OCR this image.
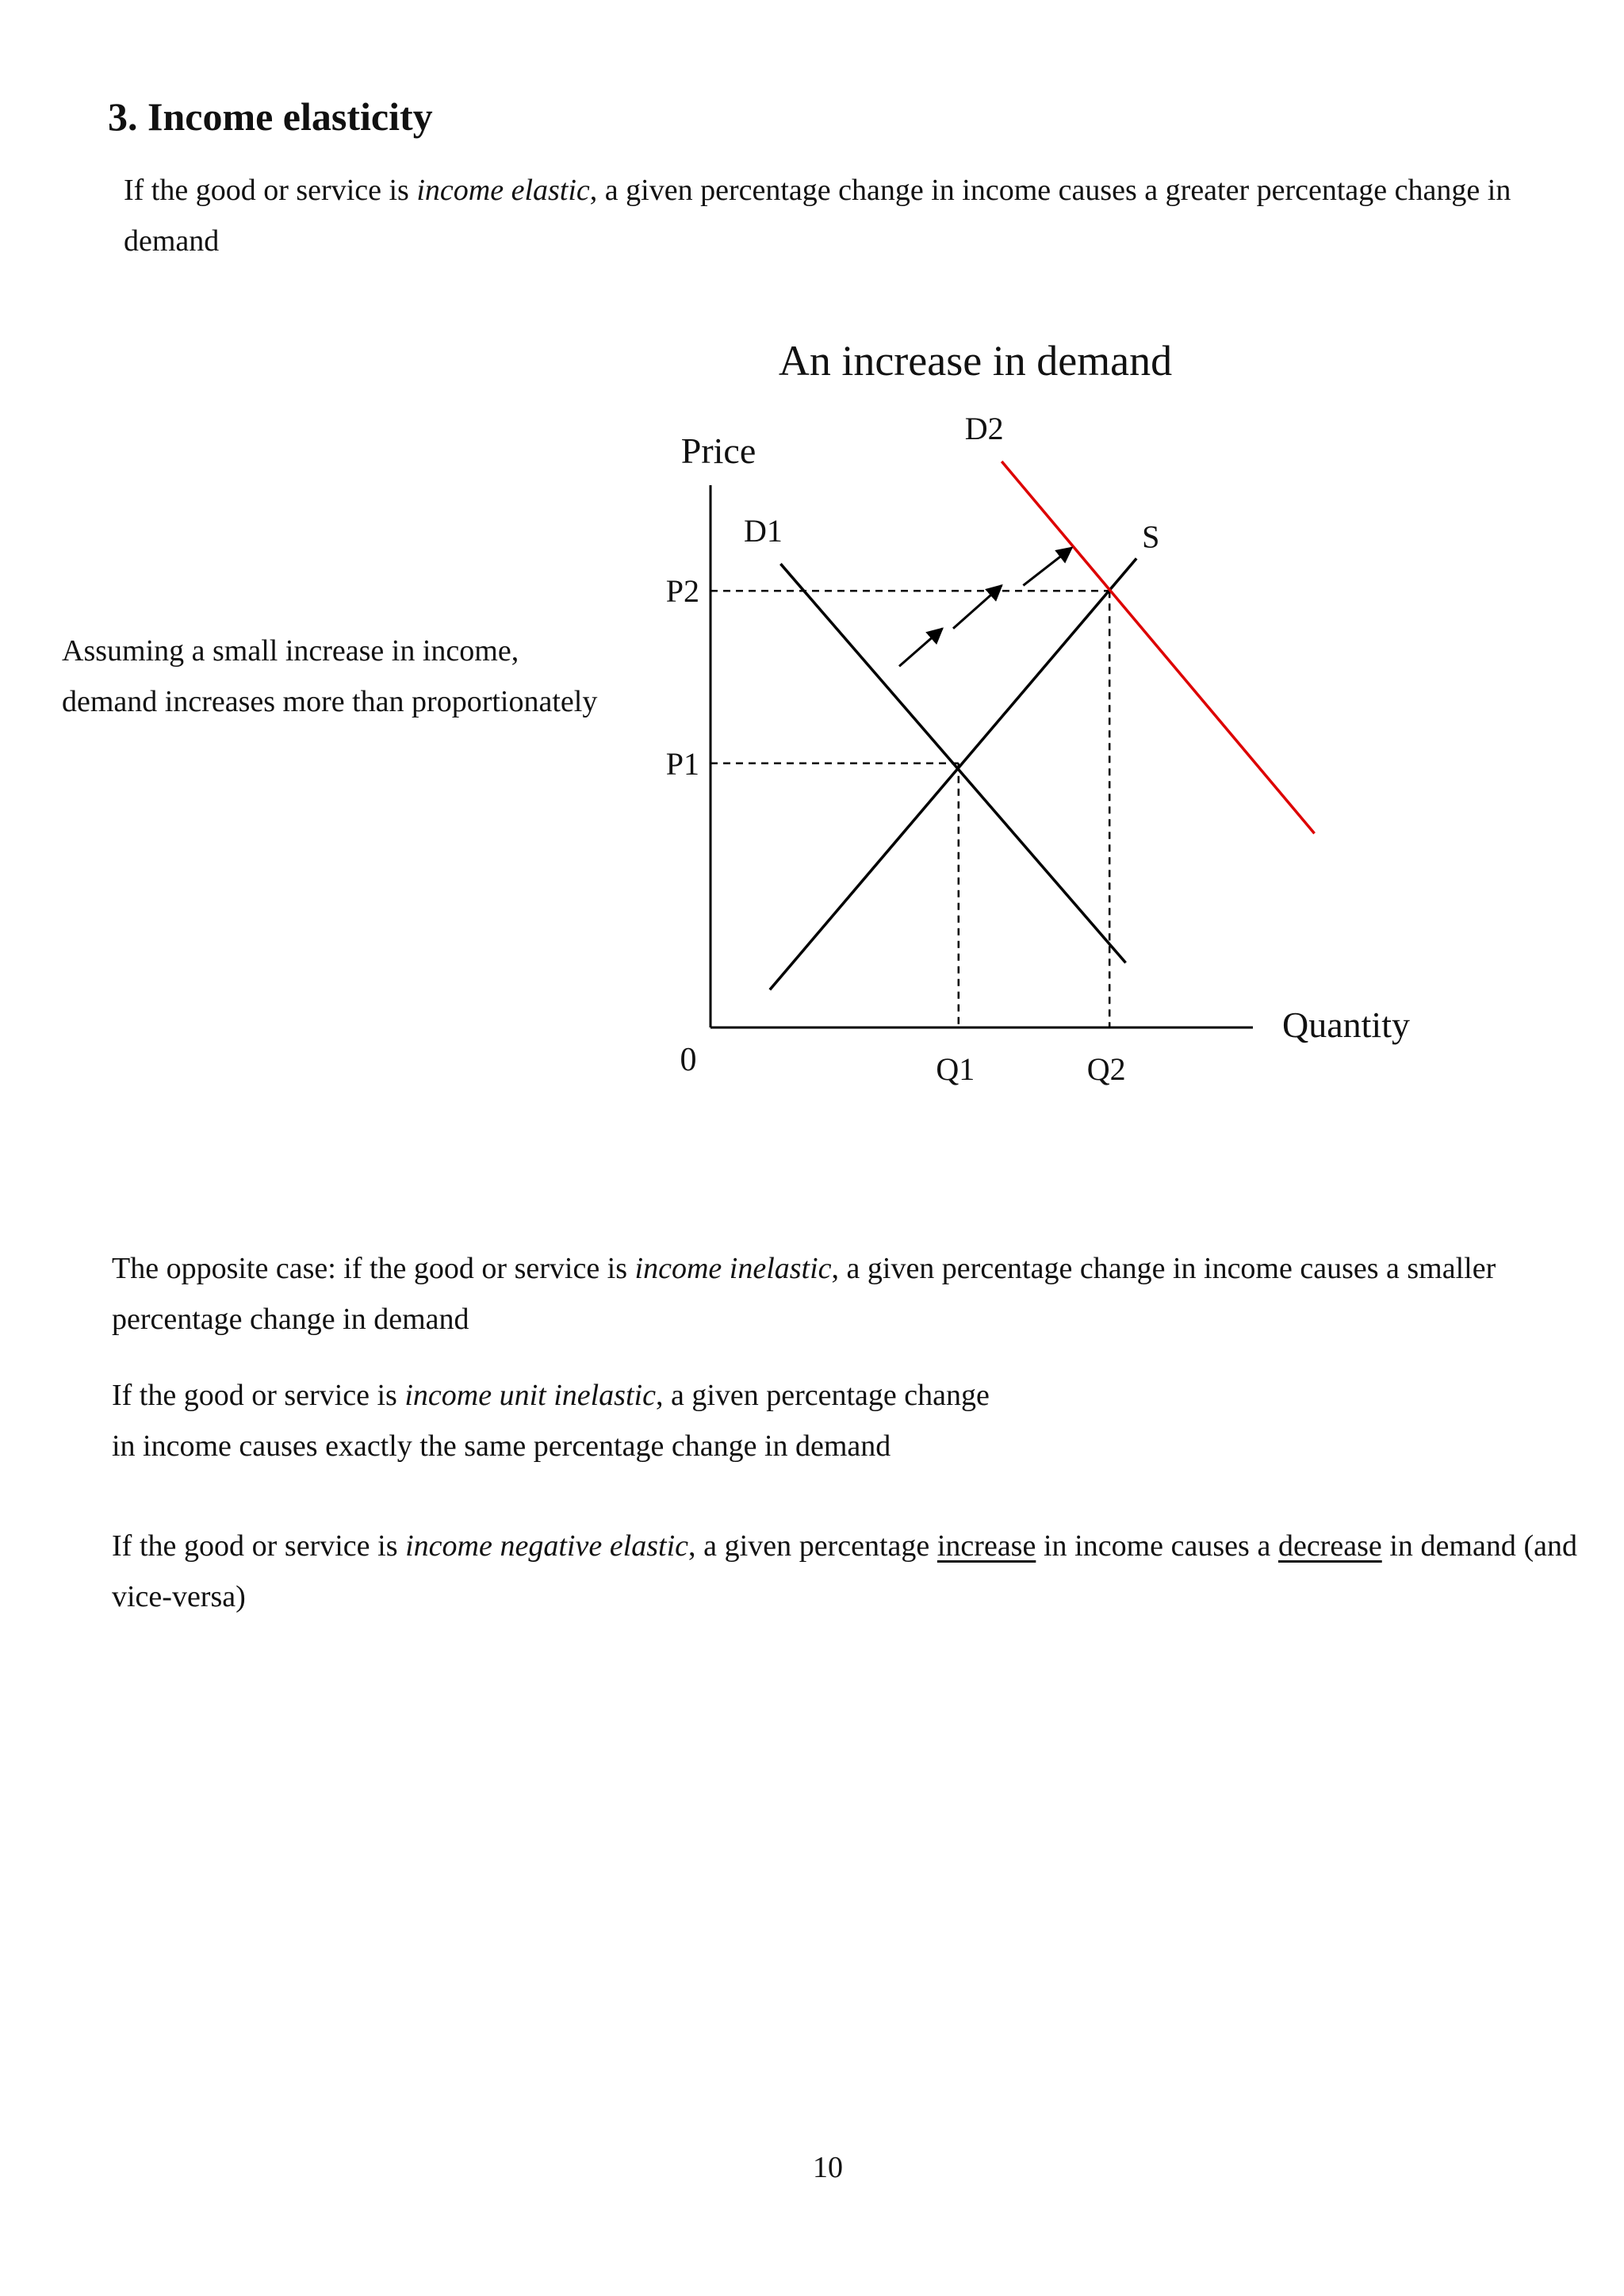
3. Income elasticity

If the good or service is income elastic, a given percentage change in income causes a greater percentage change in demand

Assuming a small increase in income, demand increases more than proportionately

An increase in demand
Price
Quantity
0
S
D1
D2
P1
Q1
P2
Q2

The opposite case: if the good or service is income inelastic, a given percentage change in income causes a smaller percentage change in demand

If the good or service is income unit inelastic, a given percentage change
in income causes exactly the same percentage change in demand

If the good or service is income negative elastic, a given percentage increase in income causes a decrease in demand (and vice-versa)

10
